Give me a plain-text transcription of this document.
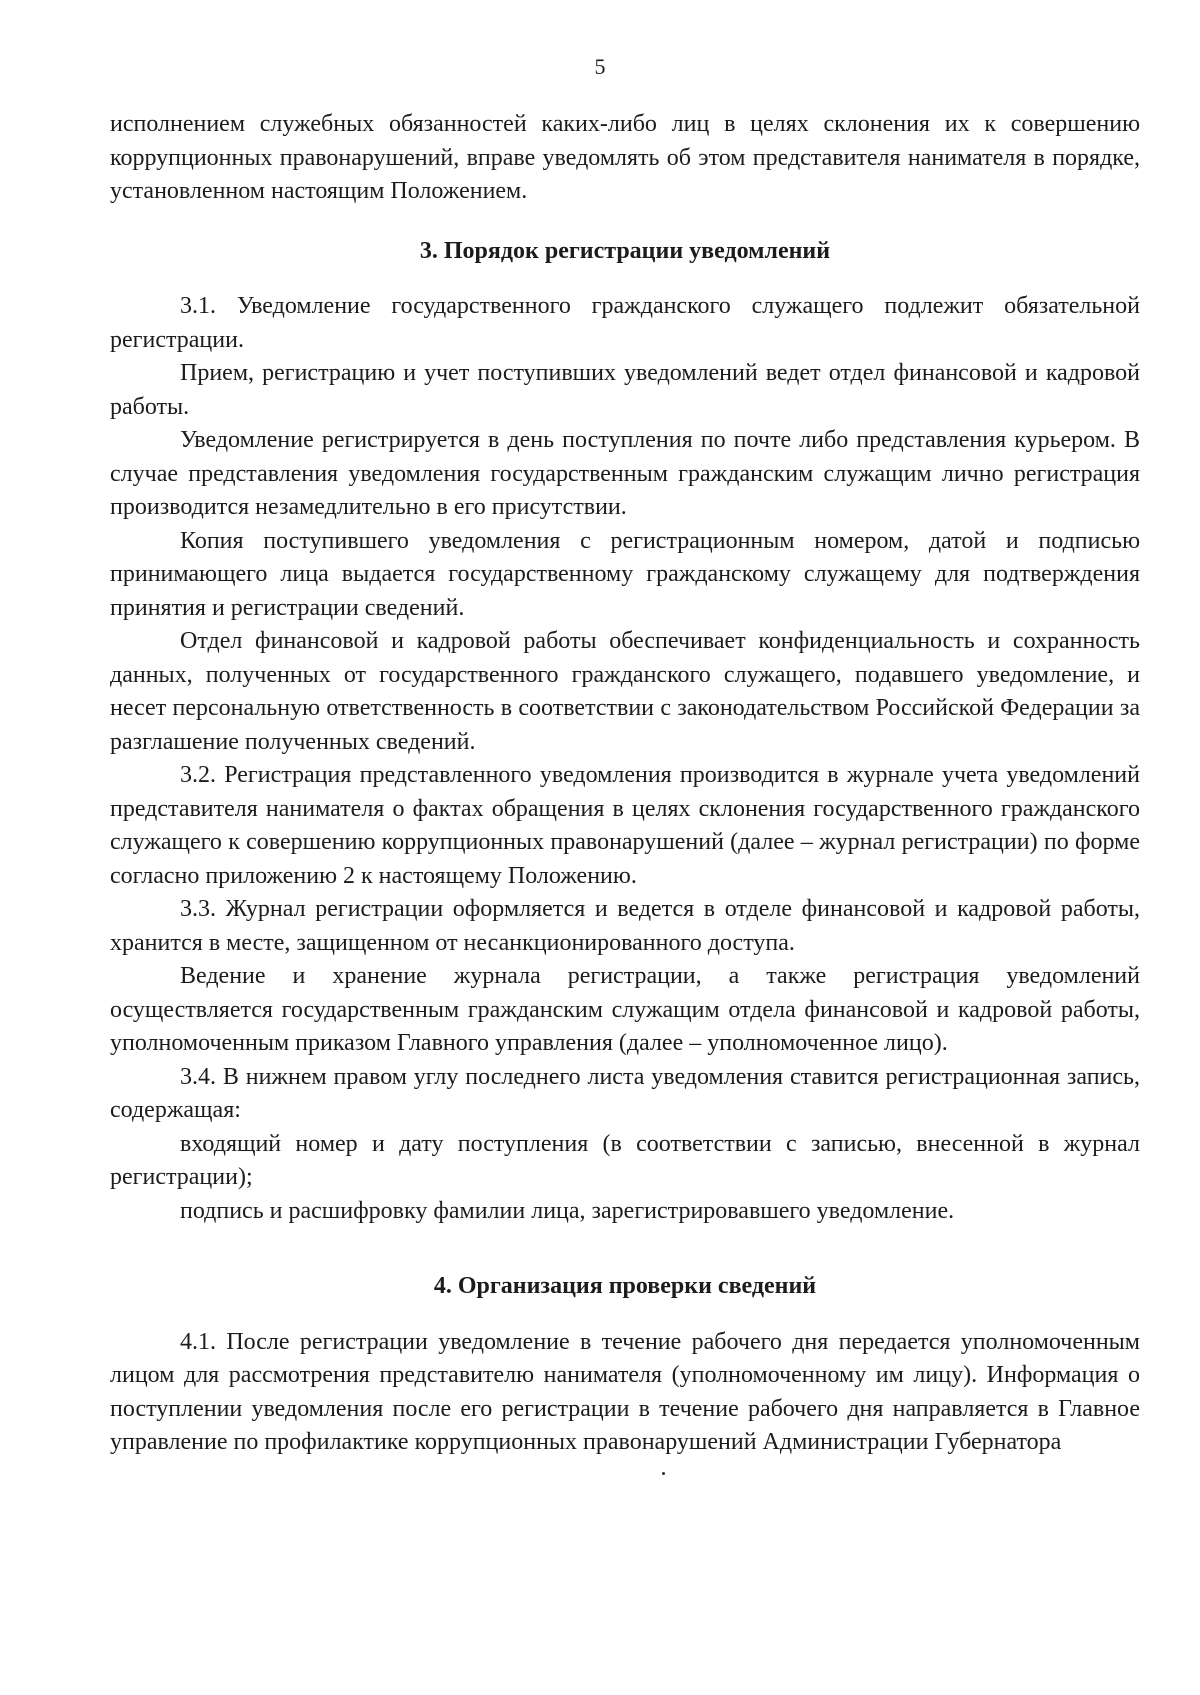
5

исполнением служебных обязанностей каких-либо лиц в целях склонения их к совершению коррупционных правонарушений, вправе уведомлять об этом представителя нанимателя в порядке, установленном настоящим Положением.

3. Порядок регистрации уведомлений

3.1. Уведомление государственного гражданского служащего подлежит обязательной регистрации.

Прием, регистрацию и учет поступивших уведомлений ведет отдел финансовой и кадровой работы.

Уведомление регистрируется в день поступления по почте либо представления курьером. В случае представления уведомления государственным гражданским служащим лично регистрация производится незамедлительно в его присутствии.

Копия поступившего уведомления с регистрационным номером, датой и подписью принимающего лица выдается государственному гражданскому служащему для подтверждения принятия и регистрации сведений.

Отдел финансовой и кадровой работы обеспечивает конфиденциальность и сохранность данных, полученных от государственного гражданского служащего, подавшего уведомление, и несет персональную ответственность в соответствии с законодательством Российской Федерации за разглашение полученных сведений.

3.2. Регистрация представленного уведомления производится в журнале учета уведомлений представителя нанимателя о фактах обращения в целях склонения государственного гражданского служащего к совершению коррупционных правонарушений (далее – журнал регистрации) по форме согласно приложению 2 к настоящему Положению.

3.3. Журнал регистрации оформляется и ведется в отделе финансовой и кадровой работы, хранится в месте, защищенном от несанкционированного доступа.

Ведение и хранение журнала регистрации, а также регистрация уведомлений осуществляется государственным гражданским служащим отдела финансовой и кадровой работы, уполномоченным приказом Главного управления (далее – уполномоченное лицо).

3.4. В нижнем правом углу последнего листа уведомления ставится регистрационная запись, содержащая:

входящий номер и дату поступления (в соответствии с записью, внесенной в журнал регистрации);

подпись и расшифровку фамилии лица, зарегистрировавшего уведомление.

4. Организация проверки сведений

4.1. После регистрации уведомление в течение рабочего дня передается уполномоченным лицом для рассмотрения представителю нанимателя (уполномоченному им лицу). Информация о поступлении уведомления после его регистрации в течение рабочего дня направляется в Главное управление по профилактике коррупционных правонарушений Администрации Губернатора
